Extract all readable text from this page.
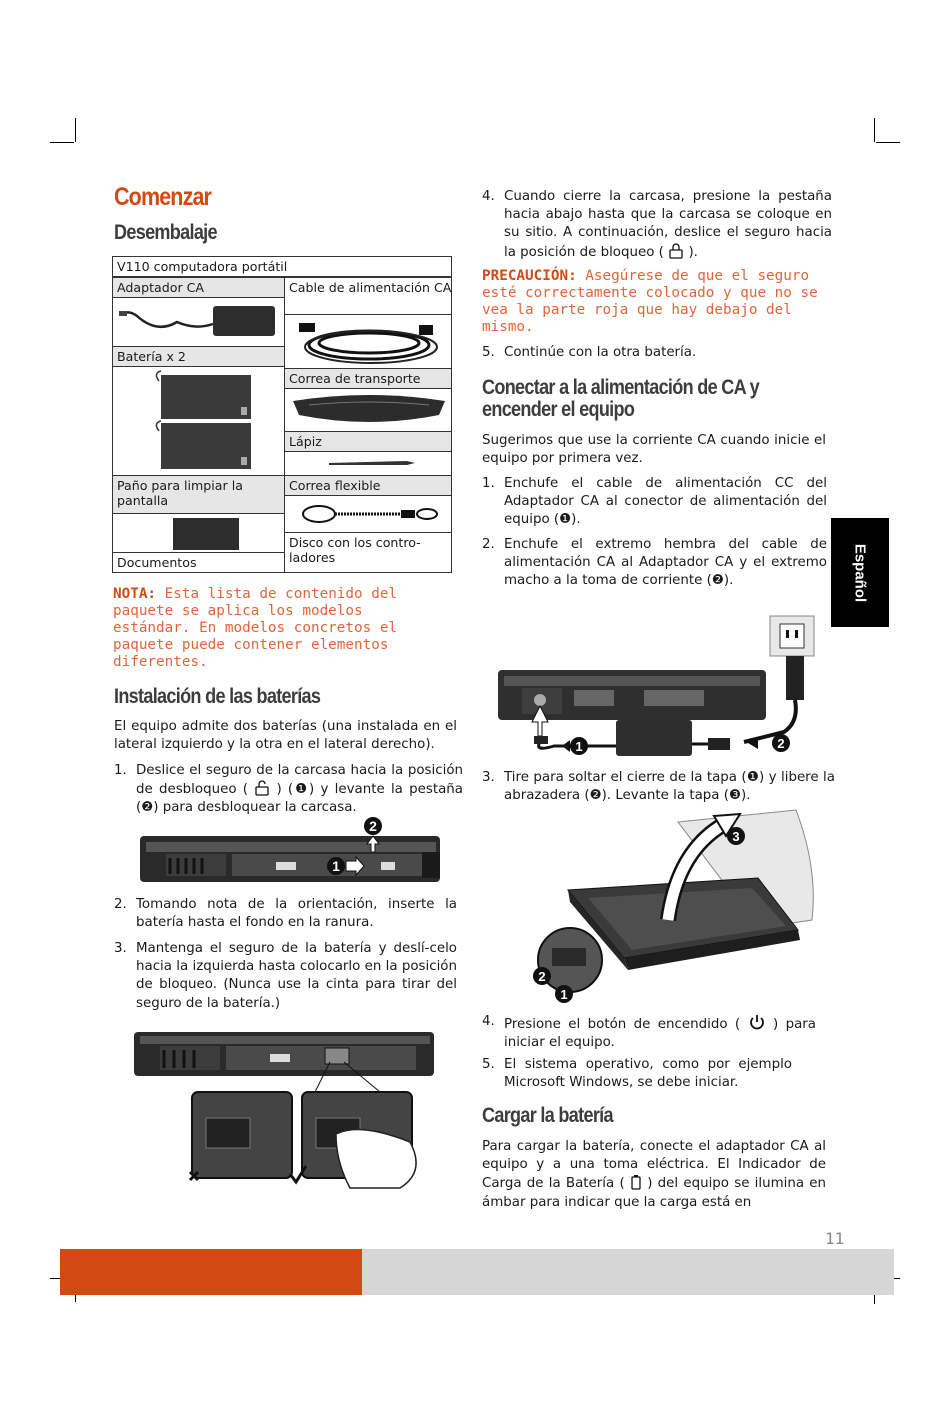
Comenzar
Desembalaje
V110 computadora portátil
Adaptador CA	Cable de alimentación CA
Batería x 2
Correa de transporte
Lápiz
Paño para limpiar la pantalla
Correa flexible
Disco con los contro-
ladores
Documentos
NOTA: Esta lista de contenido del paquete se aplica los modelos estándar. En modelos concretos el paquete puede contener elementos diferentes.
Instalación de las baterías
El equipo admite dos baterías (una instalada en el lateral izquierdo y la otra en el lateral derecho).
1. Deslice el seguro de la carcasa hacia la posición de desbloqueo ( ) (❶) y levante la pestaña (❷) para desbloquear la carcasa.
2
1
2. Tomando nota de la orientación, inserte la batería hasta el fondo en la ranura.
3. Mantenga el seguro de la batería y deslí-celo hacia la izquierda hasta colocarlo en la posición de bloqueo. (Nunca use la cinta para tirar del seguro de la batería.)
4. Cuando cierre la carcasa, presione la pestaña hacia abajo hasta que la carcasa se coloque en su sitio. A continuación, deslice el seguro hacia la posición de bloqueo ( ).
PRECAUCIÓN: Asegúrese de que el seguro esté correctamente colocado y que no se vea la parte roja que hay debajo del mismo.
5. Continúe con la otra batería.
Conectar a la alimentación de CA y
encender el equipo
Sugerimos que use la corriente CA cuando inicie el equipo por primera vez.
1. Enchufe el cable de alimentación CC del Adaptador CA al conector de alimentación del equipo (❶).
2. Enchufe el extremo hembra del cable de alimentación CA al Adaptador CA y el extremo macho a la toma de corriente (❷).
1	2
3. Tire para soltar el cierre de la tapa (❶) y libere la abrazadera (❷). Levante la tapa (❸).
3
2
1
4. Presione el botón de encendido ( ) para iniciar el equipo.
5. El sistema operativo, como por ejemplo Microsoft Windows, se debe iniciar.
Cargar la batería
Para cargar la batería, conecte el adaptador CA al equipo y a una toma eléctrica. El Indicador de Carga de la Batería ( ) del equipo se ilumina en ámbar para indicar que la carga está en
Español
11
